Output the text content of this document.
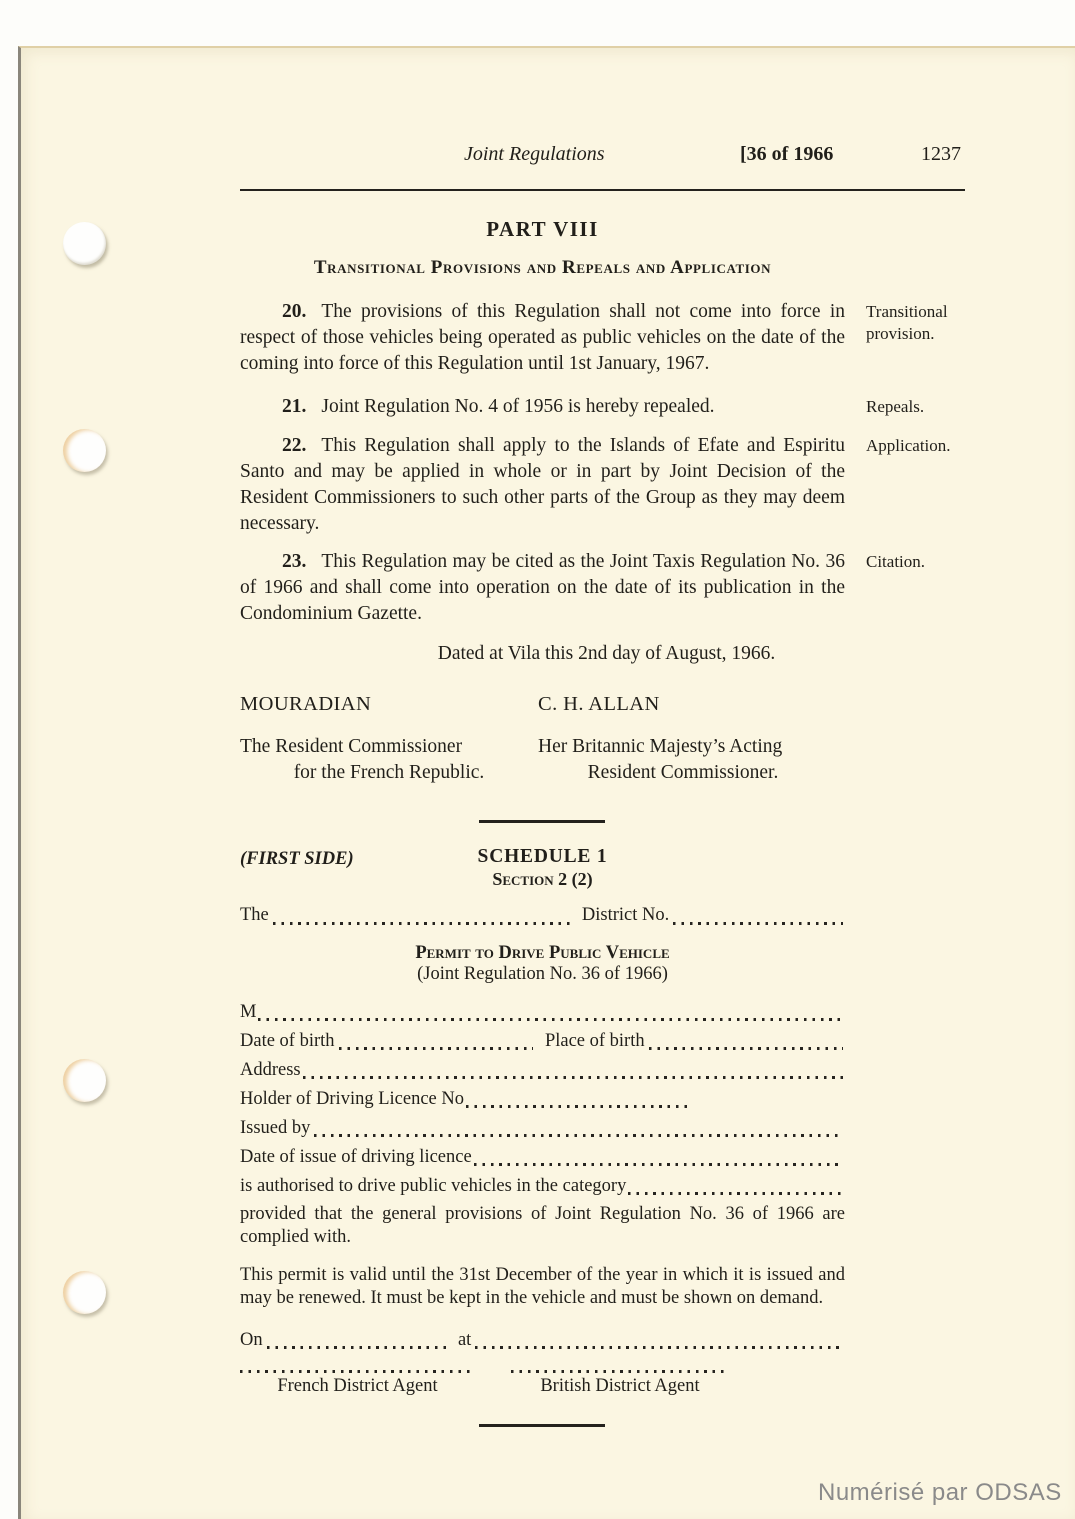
Joint Regulations	[36 of 1966	1237
PART VIII
Transitional Provisions and Repeals and Application

20. The provisions of this Regulation shall not come into force in respect of those vehicles being operated as public vehicles on the date of the coming into force of this Regulation until 1st January, 1967.

Transitional provision.

21. Joint Regulation No. 4 of 1956 is hereby repealed.	Repeals.

22. This Regulation shall apply to the Islands of Efate and Espiritu Santo and may be applied in whole or in part by Joint Decision of the Resident Commissioners to such other parts of the Group as they may deem necessary.

Application.

23. This Regulation may be cited as the Joint Taxis Regulation No. 36 of 1966 and shall come into operation on the date of its publication in the Condominium Gazette.

Citation.
Dated at Vila this 2nd day of August, 1966.
MOURADIAN
The Resident Commissioner
for the French Republic.
C. H. ALLAN
Her Britannic Majesty’s Acting
Resident Commissioner.
(FIRST SIDE)	SCHEDULE 1
Section 2 (2)
The	District No.
Permit to Drive Public Vehicle
(Joint Regulation No. 36 of 1966)
M
Date of birth	Place of birth
Address
Holder of Driving Licence No
Issued by
Date of issue of driving licence
is authorised to drive public vehicles in the category

provided that the general provisions of Joint Regulation No. 36 of 1966 are complied with.

This permit is valid until the 31st December of the year in which it is issued and may be renewed. It must be kept in the vehicle and must be shown on demand.

On	at
French District Agent	British District Agent
Numérisé par ODSAS
